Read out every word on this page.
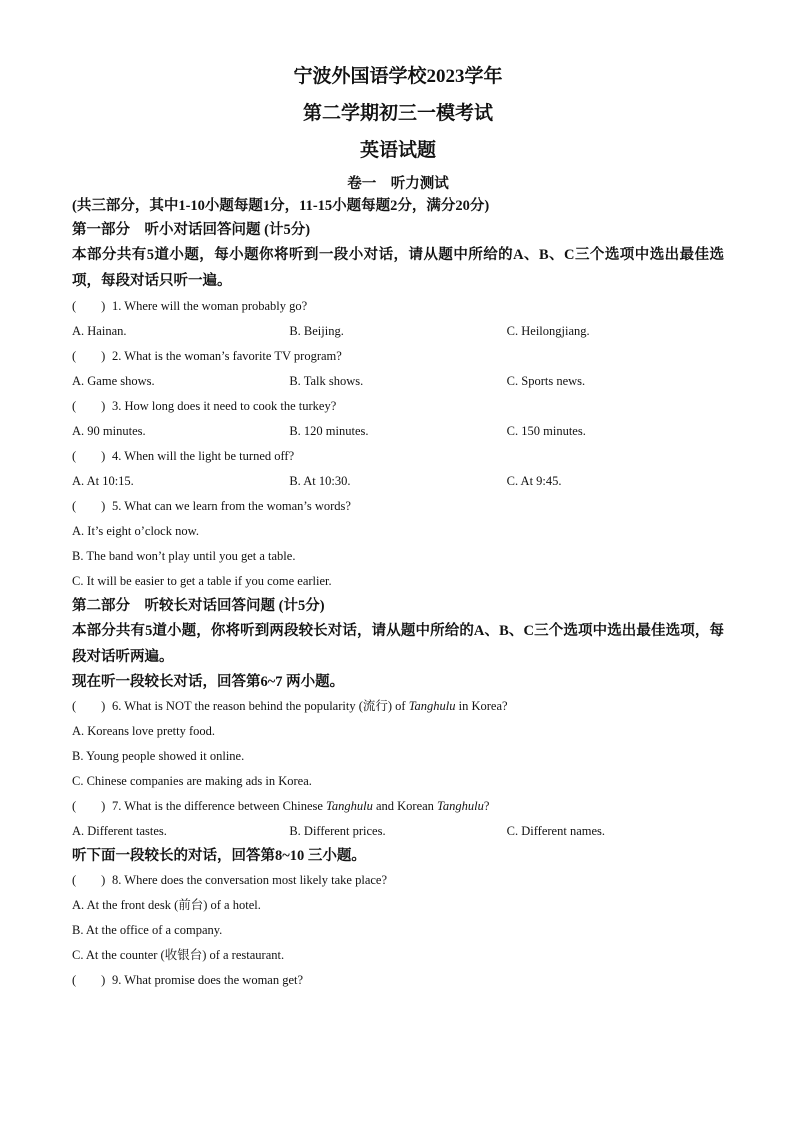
宁波外国语学校2023学年
第二学期初三一模考试
英语试题
卷一　听力测试
(共三部分，其中1-10小题每题1分，11-15小题每题2分，满分20分)
第一部分　听小对话回答问题 (计5分)
本部分共有5道小题，每小题你将听到一段小对话，请从题中所给的A、B、C三个选项中选出最佳选项，每段对话只听一遍。
(　　) 1. Where will the woman probably go?
A. Hainan.	B. Beijing.	C. Heilongjiang.
(　　) 2. What is the woman’s favorite TV program?
A. Game shows.	B. Talk shows.	C. Sports news.
(　　) 3. How long does it need to cook the turkey?
A. 90 minutes.	B. 120 minutes.	C. 150 minutes.
(　　) 4. When will the light be turned off?
A. At 10:15.	B. At 10:30.	C. At 9:45.
(　　) 5. What can we learn from the woman’s words?
A. It’s eight o’clock now.
B. The band won’t play until you get a table.
C. It will be easier to get a table if you come earlier.
第二部分　听较长对话回答问题 (计5分)
本部分共有5道小题，你将听到两段较长对话，请从题中所给的A、B、C三个选项中选出最佳选项，每段对话听两遍。
现在听一段较长对话，回答第6~7 两小题。
(　　) 6. What is NOT the reason behind the popularity (流行) of Tanghulu in Korea?
A. Koreans love pretty food.
B. Young people showed it online.
C. Chinese companies are making ads in Korea.
(　　) 7. What is the difference between Chinese Tanghulu and Korean Tanghulu?
A. Different tastes.	B. Different prices.	C. Different names.
听下面一段较长的对话，回答第8~10 三小题。
(　　) 8. Where does the conversation most likely take place?
A. At the front desk (前台) of a hotel.
B. At the office of a company.
C. At the counter (收银台) of a restaurant.
(　　) 9. What promise does the woman get?
